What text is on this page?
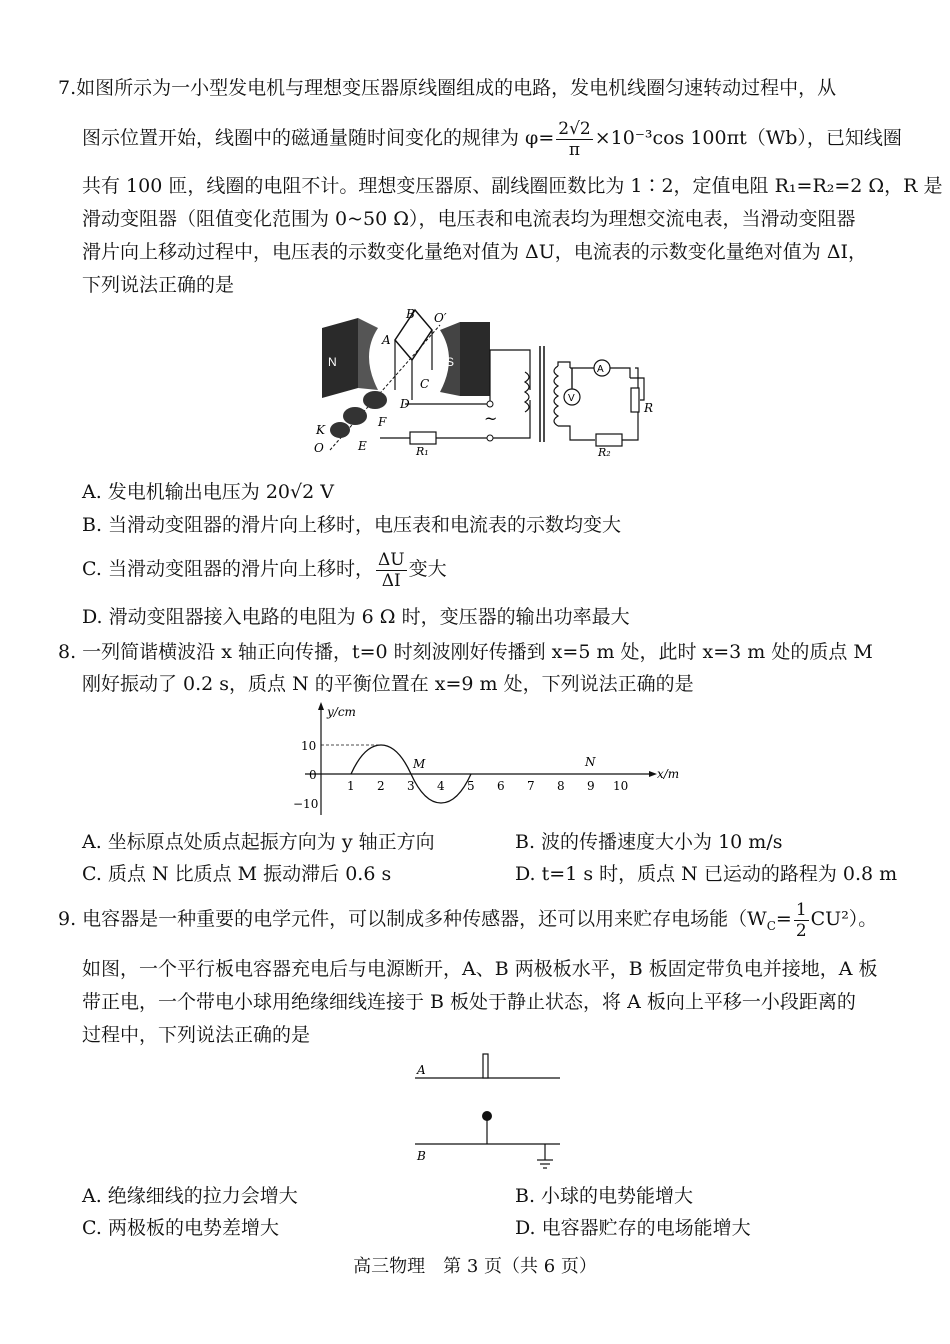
7.如图所示为一小型发电机与理想变压器原线圈组成的电路，发电机线圈匀速转动过程中，从
图示位置开始，线圈中的磁通量随时间变化的规律为 $\varphi= \frac{2√2}{\pi} \times 10^{-3}\cos$ 100πt（Wb），已知线圈
共有 100 匝，线圈的电阻不计。理想变压器原、副线圈匝数比为 1∶2，定值电阻 R₁=R₂=2 Ω，R 是
滑动变阻器（阻值变化范围为 0~50 Ω），电压表和电流表均为理想交流电表，当滑动变阻器
滑片向上移动过程中，电压表的示数变化量绝对值为 ΔU，电流表的示数变化量绝对值为 ΔI，
下列说法正确的是
N	S
B
A
C
D
F
E
K
O
O′
R₁
~
R₂
A
V
R
A. 发电机输出电压为 20√2 V
B. 当滑动变阻器的滑片向上移时，电压表和电流表的示数均变大
C. 当滑动变阻器的滑片向上移时， $\frac{\Delta U}{\Delta I}$ 变大
D. 滑动变阻器接入电路的电阻为 6 Ω 时，变压器的输出功率最大
8. 一列简谐横波沿 x 轴正向传播，t=0 时刻波刚好传播到 x=5 m 处，此时 x=3 m 处的质点 M
刚好振动了 0.2 s，质点 N 的平衡位置在 x=9 m 处，下列说法正确的是
y/cm
x/m
10
0
−10
1 2 3 4 5 6 7 8 9 10
M	N
A. 坐标原点处质点起振方向为 y 轴正方向	B. 波的传播速度大小为 10 m/s
C. 质点 N 比质点 M 振动滞后 0.6 s	D. t=1 s 时，质点 N 已运动的路程为 0.8 m
9. 电容器是一种重要的电学元件，可以制成多种传感器，还可以用来贮存电场能$(W_C= \frac{1}{2} CU^2)$。
如图，一个平行板电容器充电后与电源断开，A、B 两极板水平，B 板固定带负电并接地，A 板
带正电，一个带电小球用绝缘细线连接于 B 板处于静止状态，将 A 板向上平移一小段距离的
过程中，下列说法正确的是
A
B
A. 绝缘细线的拉力会增大	B. 小球的电势能增大
C. 两极板的电势差增大	D. 电容器贮存的电场能增大
高三物理　第 3 页（共 6 页）
